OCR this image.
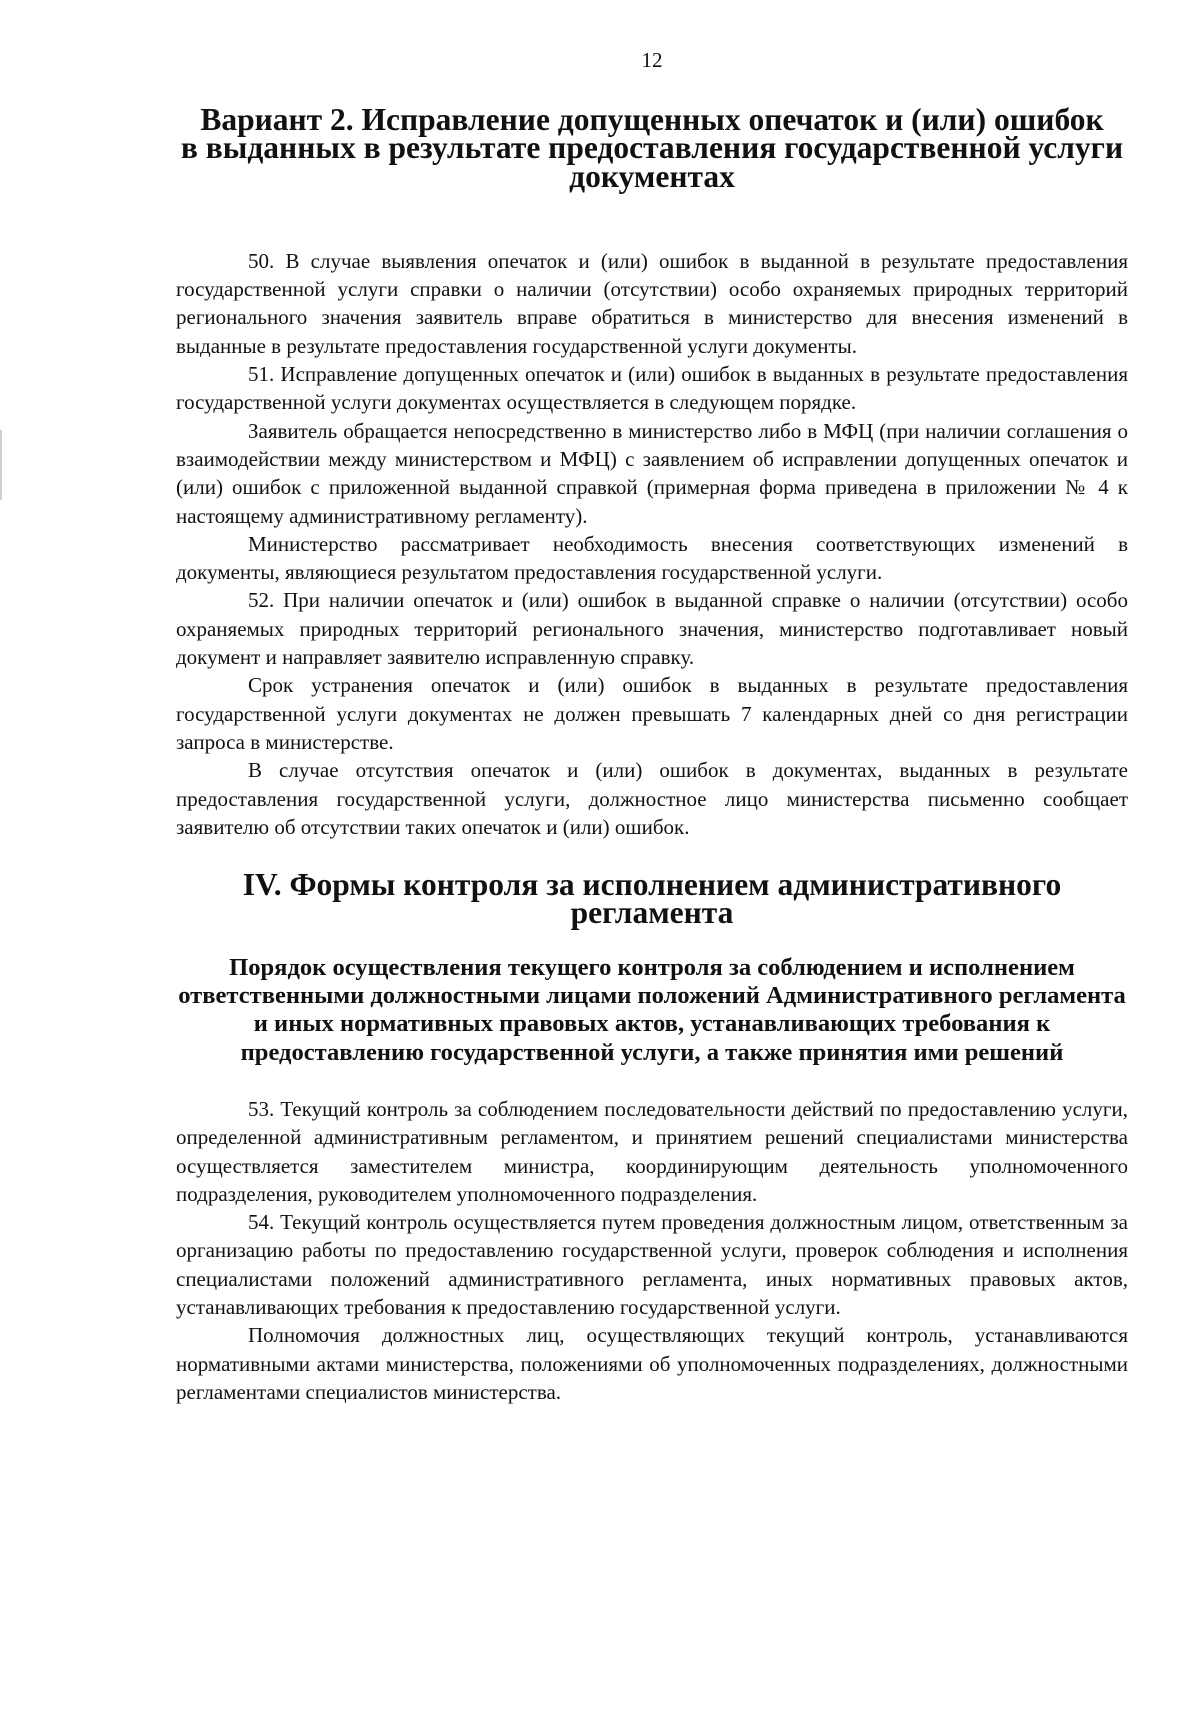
12
Вариант 2. Исправление допущенных опечаток и (или) ошибок
в выданных в результате предоставления государственной услуги документах

50. В случае выявления опечаток и (или) ошибок в выданной в результате предоставления государственной услуги справки о наличии (отсутствии) особо охраняемых природных территорий регионального значения заявитель вправе обратиться в министерство для внесения изменений в выданные в результате предоставления государственной услуги документы.

51. Исправление допущенных опечаток и (или) ошибок в выданных в результате предоставления государственной услуги документах осуществляется в следующем порядке.

Заявитель обращается непосредственно в министерство либо в МФЦ (при наличии соглашения о взаимодействии между министерством и МФЦ) с заявлением об исправлении допущенных опечаток и (или) ошибок с приложенной выданной справкой (примерная форма приведена в приложении № 4 к настоящему административному регламенту).

Министерство рассматривает необходимость внесения соответствующих изменений в документы, являющиеся результатом предоставления государственной услуги.

52. При наличии опечаток и (или) ошибок в выданной справке о наличии (отсутствии) особо охраняемых природных территорий регионального значения, министерство подготавливает новый документ и направляет заявителю исправленную справку.

Срок устранения опечаток и (или) ошибок в выданных в результате предоставления государственной услуги документах не должен превышать 7 календарных дней со дня регистрации запроса в министерстве.

В случае отсутствия опечаток и (или) ошибок в документах, выданных в результате предоставления государственной услуги, должностное лицо министерства письменно сообщает заявителю об отсутствии таких опечаток и (или) ошибок.

IV. Формы контроля за исполнением административного регламента
Порядок осуществления текущего контроля за соблюдением и исполнением
ответственными должностными лицами положений Административного регламента
и иных нормативных правовых актов, устанавливающих требования к
предоставлению государственной услуги, а также принятия ими решений

53. Текущий контроль за соблюдением последовательности действий по предоставлению услуги, определенной административным регламентом, и принятием решений специалистами министерства осуществляется заместителем министра, координирующим деятельность уполномоченного подразделения, руководителем уполномоченного подразделения.

54. Текущий контроль осуществляется путем проведения должностным лицом, ответственным за организацию работы по предоставлению государственной услуги, проверок соблюдения и исполнения специалистами положений административного регламента, иных нормативных правовых актов, устанавливающих требования к предоставлению государственной услуги.

Полномочия должностных лиц, осуществляющих текущий контроль, устанавливаются нормативными актами министерства, положениями об уполномоченных подразделениях, должностными регламентами специалистов министерства.
